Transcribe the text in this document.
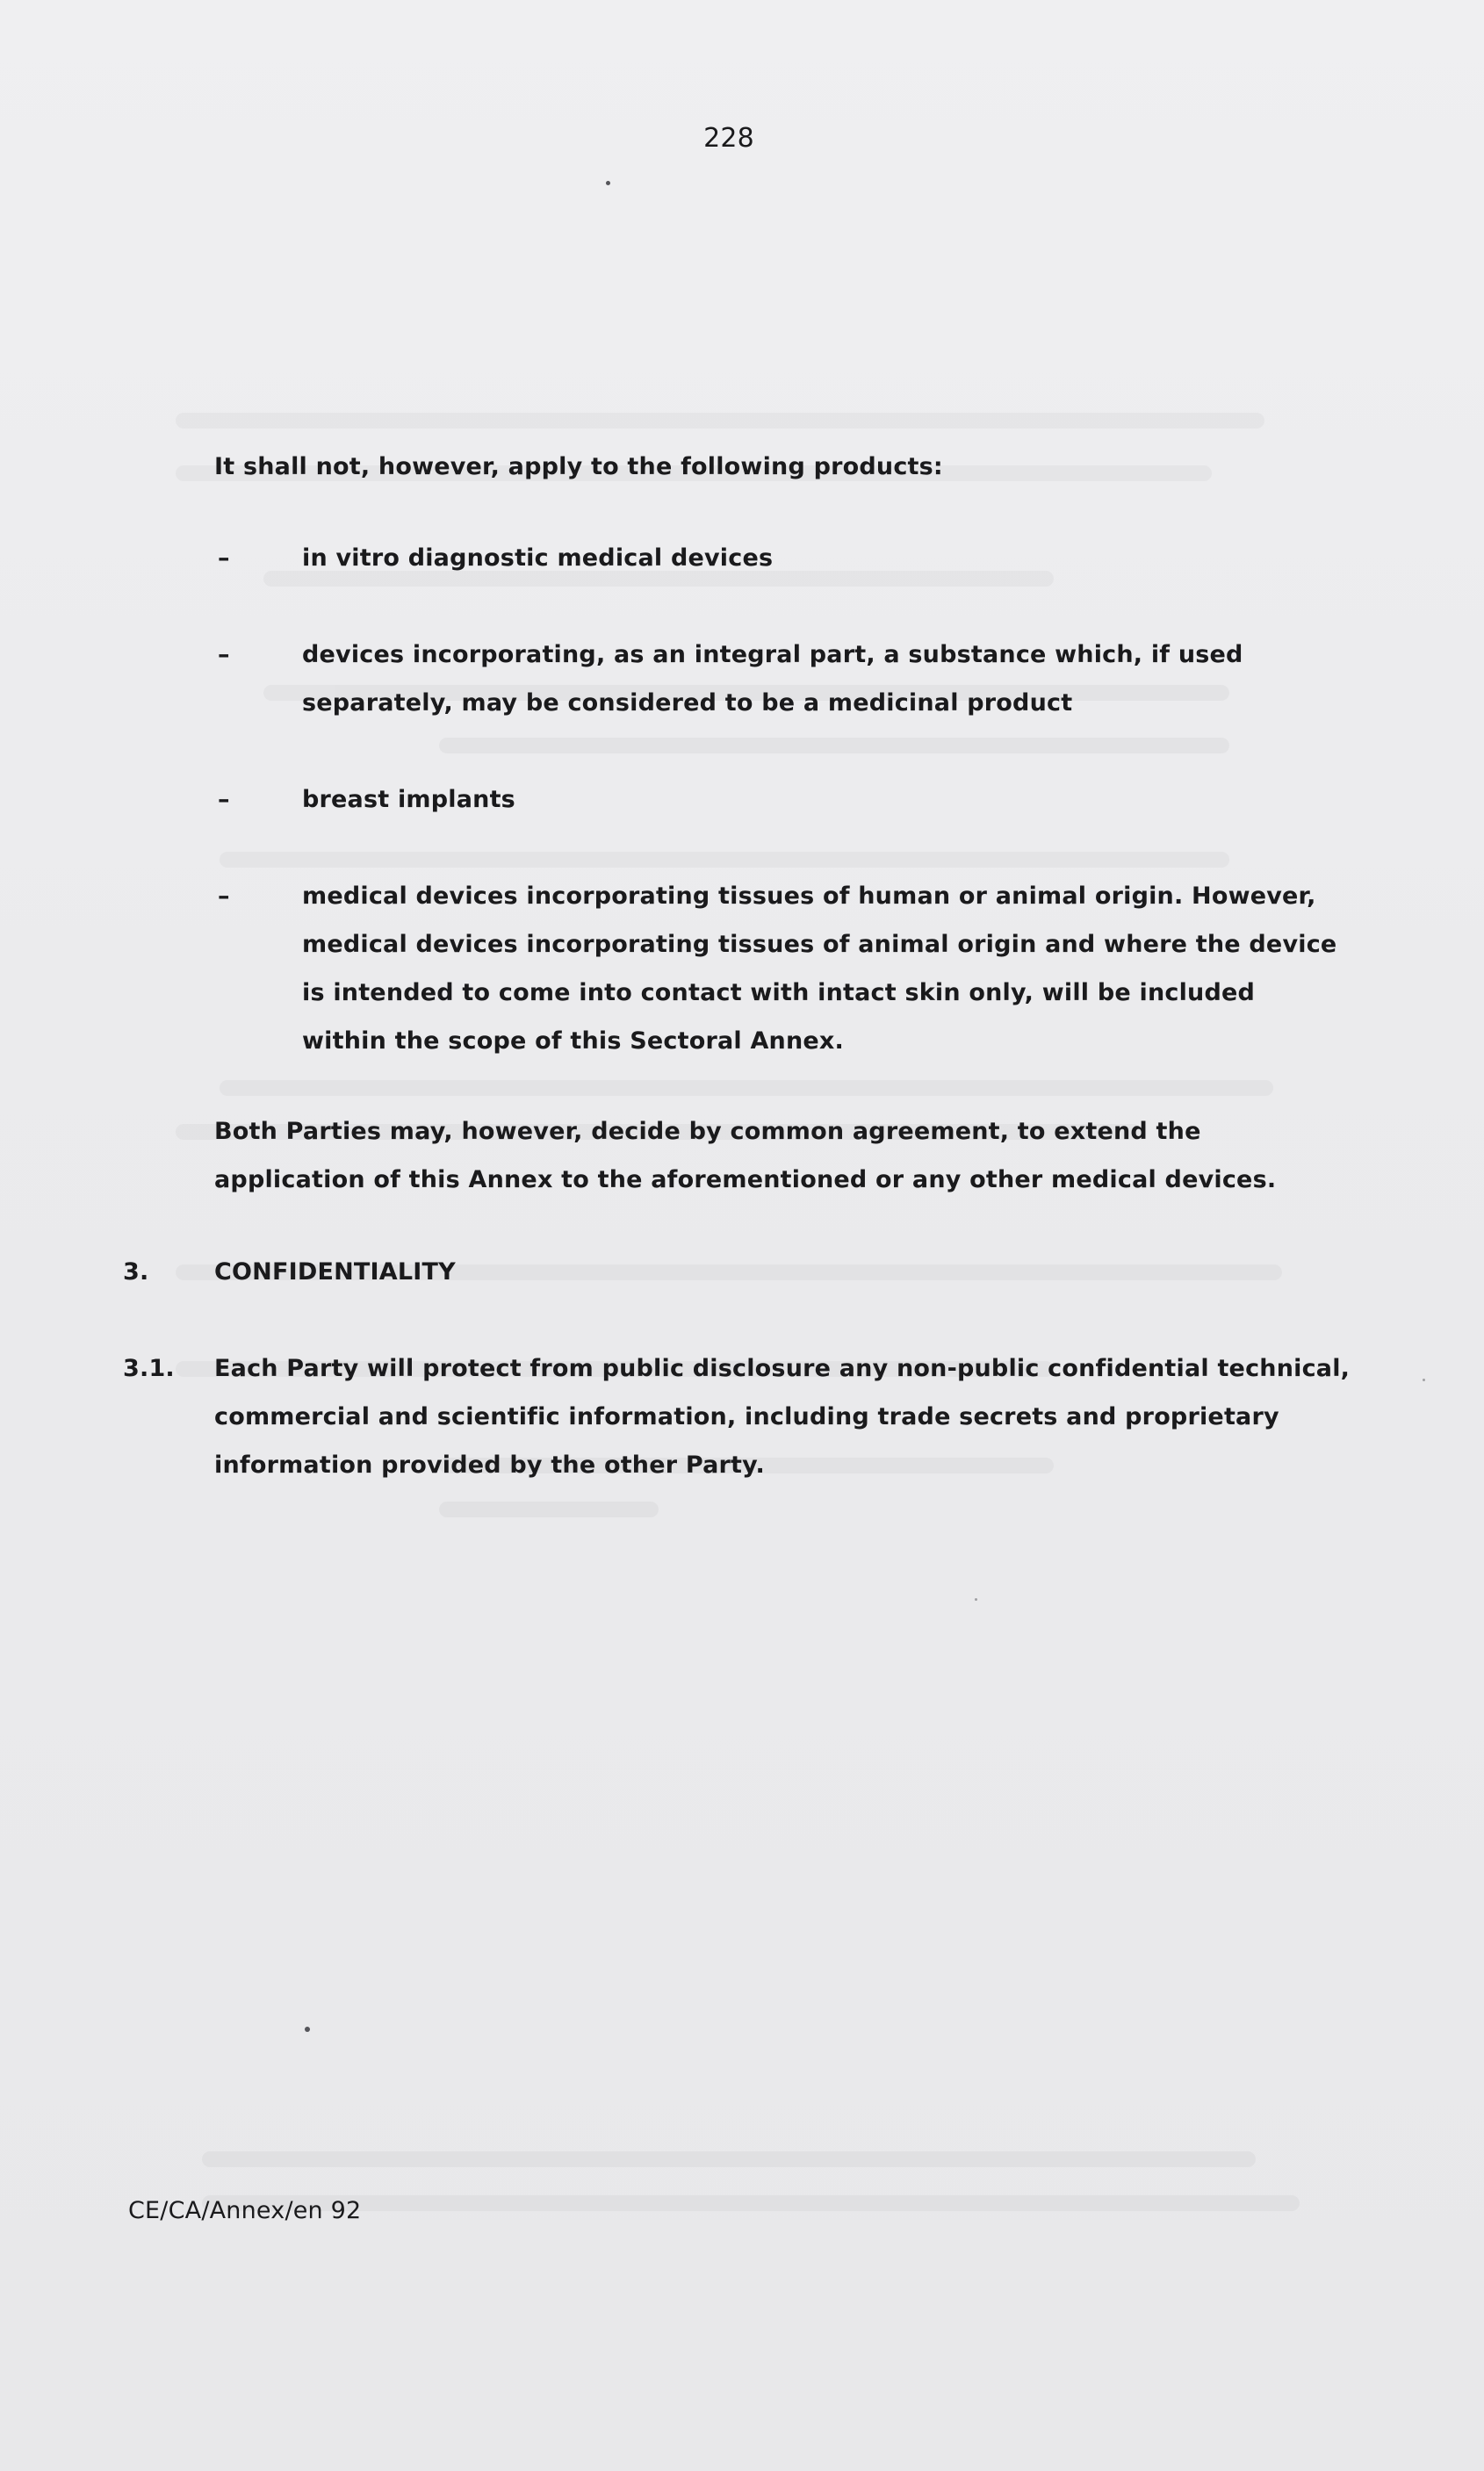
228
It shall not, however, apply to the following products:
–	in vitro diagnostic medical devices
–	devices incorporating, as an integral part, a substance which, if used
separately, may be considered to be a medicinal product
–	breast implants
–	medical devices incorporating tissues of human or animal origin. However,
medical devices incorporating tissues of animal origin and where the device
is intended to come into contact with intact skin only, will be included
within the scope of this Sectoral Annex.
Both Parties may, however, decide by common agreement, to extend the
application of this Annex to the aforementioned or any other medical devices.
3.	CONFIDENTIALITY
3.1. Each Party will protect from public disclosure any non-public confidential technical,
commercial and scientific information, including trade secrets and proprietary
information provided by the other Party.
CE/CA/Annex/en 92
